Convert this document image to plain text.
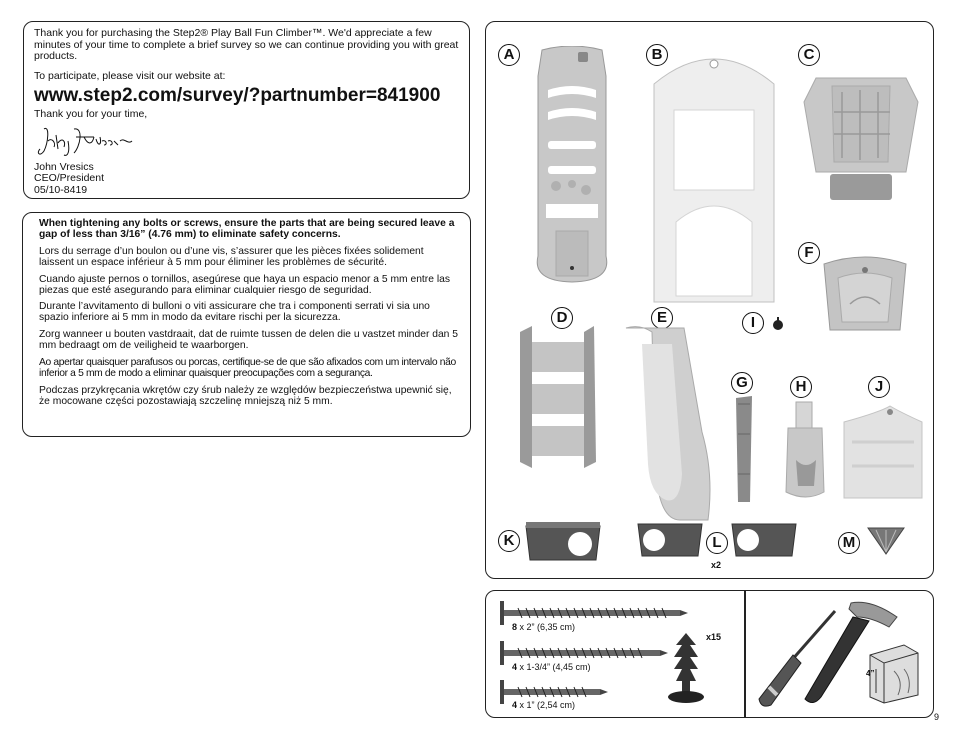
Thank you for purchasing the Step2® Play Ball Fun Climber™. We'd appreciate a few minutes of your time to complete a brief survey so we can continue providing you with great products.

To participate, please visit our website at:

www.step2.com/survey/?partnumber=841900

Thank you for your time,

John Vresics

CEO/President

05/10-8419

When tightening any bolts or screws, ensure the parts that are being secured leave a gap of less than 3/16” (4.76 mm) to eliminate safety concerns.

Lors du serrage d’un boulon ou d’une vis, s’assurer que les pièces fixées solidement laissent un espace inférieur à 5 mm pour éliminer les problèmes de sécurité.

Cuando ajuste pernos o tornillos, asegúrese que haya un espacio menor a 5 mm entre las piezas que esté asegurando para eliminar cualquier riesgo de seguridad.

Durante l’avvitamento di bulloni o viti assicurare che tra i componenti serrati vi sia uno spazio inferiore ai 5 mm in modo da evitare rischi per la sicurezza.

Zorg wanneer u bouten vastdraait, dat de ruimte tussen de delen die u vastzet minder dan 5 mm bedraagt om de veiligheid te waarborgen.

Ao apertar quaisquer parafusos ou porcas, certifique-se de que são afixados com um intervalo não inferior a 5 mm de modo a eliminar quaisquer preocupações com a segurança.

Podczas przykręcania wkrętów czy śrub należy ze względów bezpieczeństwa upewnić się, że mocowane części pozostawiają szczelinę mniejszą niż 5 mm.

A	B	C
F
D	E	I
G	H	J
K	L
x2
M
8 x 2” (6,35 cm)
4 x 1-3/4” (4,45 cm)
4 x 1” (2,54 cm)
x15
4”
9
